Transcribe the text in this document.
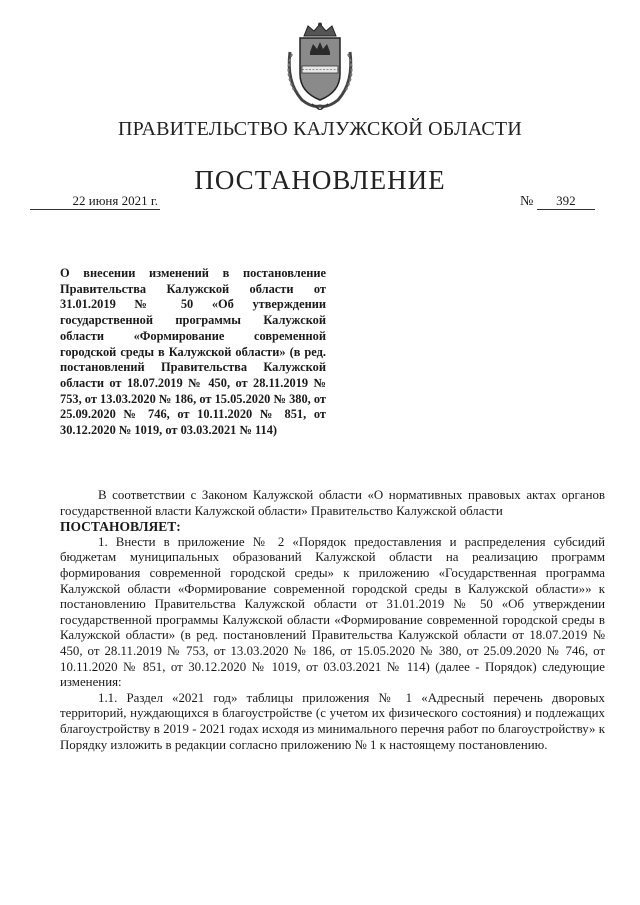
ПРАВИТЕЛЬСТВО КАЛУЖСКОЙ ОБЛАСТИ
ПОСТАНОВЛЕНИЕ
22 июня 2021 г.	№ 392
О внесении изменений в постановление Правительства Калужской области от 31.01.2019 № 50 «Об утверждении государственной программы Калужской области «Формирование современной городской среды в Калужской области» (в ред. постановлений Правительства Калужской области от 18.07.2019 № 450, от 28.11.2019 № 753, от 13.03.2020 № 186, от 15.05.2020 № 380, от 25.09.2020 № 746, от 10.11.2020 № 851, от 30.12.2020 № 1019, от 03.03.2021 № 114)

В соответствии с Законом Калужской области «О нормативных правовых актах органов государственной власти Калужской области» Правительство Калужской области

ПОСТАНОВЛЯЕТ:

1. Внести в приложение № 2 «Порядок предоставления и распределения субсидий бюджетам муниципальных образований Калужской области на реализацию программ формирования современной городской среды» к приложению «Государственная программа Калужской области «Формирование современной городской среды в Калужской области»» к постановлению Правительства Калужской области от 31.01.2019 № 50 «Об утверждении государственной программы Калужской области «Формирование современной городской среды в Калужской области» (в ред. постановлений Правительства Калужской области от 18.07.2019 № 450, от 28.11.2019 № 753, от 13.03.2020 № 186, от 15.05.2020 № 380, от 25.09.2020 № 746, от 10.11.2020 № 851, от 30.12.2020 № 1019, от 03.03.2021 № 114) (далее - Порядок) следующие изменения:

1.1. Раздел «2021 год» таблицы приложения № 1 «Адресный перечень дворовых территорий, нуждающихся в благоустройстве (с учетом их физического состояния) и подлежащих благоустройству в 2019 - 2021 годах исходя из минимального перечня работ по благоустройству» к Порядку изложить в редакции согласно приложению № 1 к настоящему постановлению.
